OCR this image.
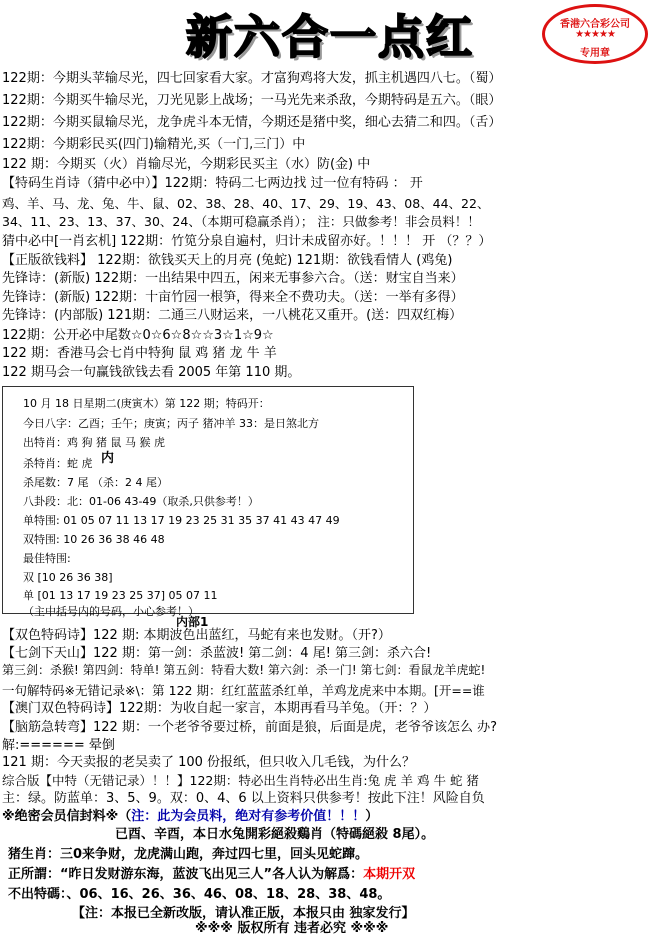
新六合一点红	香港六合彩公司
★★★★★
专用章
122期：今期头苹输尽光，四七回家看大家。才富狗鸡将大发，抓主机遇四八七。（蜀）
122期：今期买牛输尽光，刀光见影上战场；一马光先来杀敌，今期特码是五六。（眼）
122期：今期买鼠输尽光，龙争虎斗本无情，今期还是猪中奖，细心去猜二和四。（舌）
122期：今期彩民买(四门)输精光,买（一门,三门）中
122 期：今期买（火）肖输尽光，今期彩民买主（水）防(金) 中
【特码生肖诗（猜中必中）】122期：特码二七两边找 过一位有特码 ： 开
鸡、羊、马、龙、兔、牛、鼠、02、38、28、40、17、29、19、43、08、44、22、
34、11、23、13、37、30、24、（本期可稳赢杀肖）； 注：只做参考！非会员料！！
猜中必中[一肖玄机] 122期：竹笕分泉自遍村，归计未成留亦好。！！！ 开 （？？）
【正版欲钱料】 122期：欲钱买天上的月亮 (兔蛇) 121期：欲钱看情人 (鸡兔)
先锋诗：(新版) 122期：一出结果中四五，闲来无事参六合。（送：财宝自当来）
先锋诗：(新版) 122期：十亩竹园一根笋，得来全不费功夫。（送：一举有多得）
先锋诗：(内部版) 121期：二通三八财运来，一八桃花又重开。(送：四双红梅）
122期：公开必中尾数☆0☆6☆8☆☆3☆1☆9☆
122 期：香港马会七肖中特狗 鼠 鸡 猪 龙 牛 羊
122 期马会一句赢钱欲钱去看 2005 年第 110 期。
10 月 18 日星期二(庚寅木）第 122 期；特码开：
今日八字：乙酉；壬午；庚寅；丙子 猪冲羊 33：是日煞北方
出特肖：鸡 狗 猪 鼠 马 猴 虎
杀特肖：蛇 虎
杀尾数：7 尾 （杀：2 4 尾）
八卦段：北：01-06 43-49（取杀,只供参考！）
单特围: 01 05 07 11 13 17 19 23 25 31 35 37 41 43 47 49
双特围: 10 26 36 38 46 48
最佳特围:
双 [10 26 36 38]
单 [01 13 17 19 23 25 37] 05 07 11
（主中括号内的号码，小心参考！）
内
内部1
【双色特码诗】122 期: 本期波色出蓝红，马蛇有来也发财。（开?）
【七剑下天山】122 期：第一剑：杀蓝波! 第二剑：4 尾! 第三剑：杀六合!
第三剑：杀猴! 第四剑：特单! 第五剑：特看大数! 第六剑：杀一门! 第七剑：看鼠龙羊虎蛇!
一句解特码※无错记录※\：第 122 期：红红蓝蓝杀红单，羊鸡龙虎来中本期。[开==谁
【澳门双色特码诗】122期：为收自起一家言，本期再看马羊兔。（开：？）
【脑筋急转弯】122 期：一个老爷爷要过桥，前面是狼，后面是虎，老爷爷该怎么 办?
解:====== 晕倒
121 期：今天卖报的老吴卖了 100 份报纸，但只收入几毛钱，为什么？
综合版【中特（无错记录）！！】122期：特必出生肖特必出生肖:兔 虎 羊 鸡 牛 蛇 猪
主：绿。防蓝单：3、5、9。双：0、4、6 以上资料只供参考！按此下注！风险自负
※绝密会员信封料※（注：此为会员料，绝对有参考价值！！！）
已酉、辛酉，本日水兔開彩絕殺鷄肖（特碼絕殺 8尾）。
猪生肖：三0来争财，龙虎满山跑，奔过四七里，回头见蛇蹿。
正所謂：“昨日发财游东海，蓝波飞出见三人”各人认为解爲：本期开双
不出特碼：、06、16、26、36、46、08、18、28、38、48。
【注：本报已全新改版，请认准正版，本报只由 独家发行】
※※※ 版权所有 违者必究 ※※※
